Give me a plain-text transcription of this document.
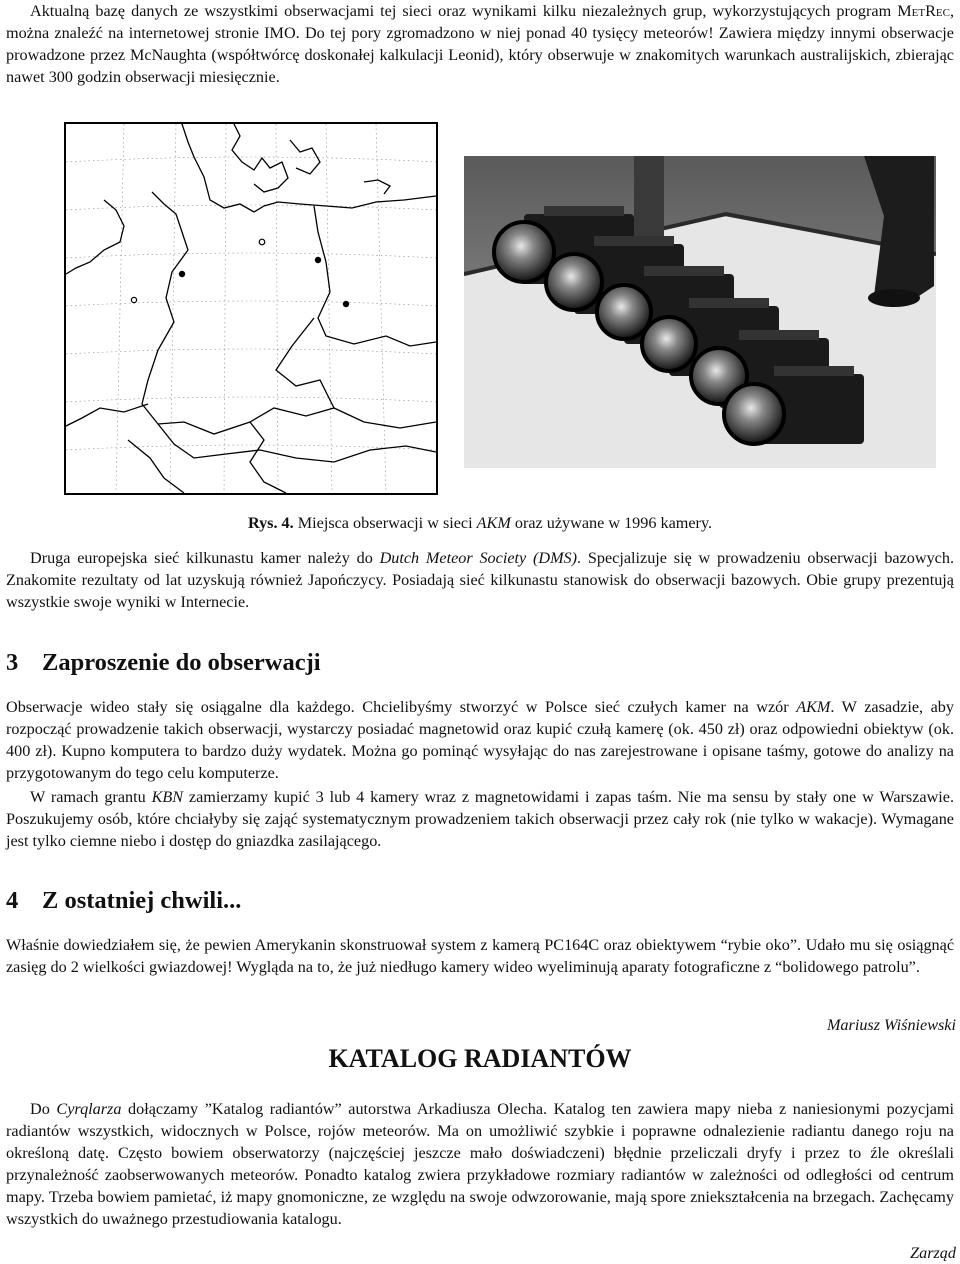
Aktualną bazę danych ze wszystkimi obserwacjami tej sieci oraz wynikami kilku niezależnych grup, wykorzystujących program MetRec, można znaleźć na internetowej stronie IMO. Do tej pory zgromadzono w niej ponad 40 tysięcy meteorów! Zawiera między innymi obserwacje prowadzone przez McNaughta (współtwórcę doskonałej kalkulacji Leonid), który obserwuje w znakomitych warunkach australijskich, zbierając nawet 300 godzin obserwacji miesięcznie.

Rys. 4. Miejsca obserwacji w sieci AKM oraz używane w 1996 kamery.

Druga europejska sieć kilkunastu kamer należy do Dutch Meteor Society (DMS). Specjalizuje się w prowadzeniu obserwacji bazowych. Znakomite rezultaty od lat uzyskują również Japończycy. Posiadają sieć kilkunastu stanowisk do obserwacji bazowych. Obie grupy prezentują wszystkie swoje wyniki w Internecie.

3 Zaproszenie do obserwacji

Obserwacje wideo stały się osiągalne dla każdego. Chcielibyśmy stworzyć w Polsce sieć czułych kamer na wzór AKM. W zasadzie, aby rozpocząć prowadzenie takich obserwacji, wystarczy posiadać magnetowid oraz kupić czułą kamerę (ok. 450 zł) oraz odpowiedni obiektyw (ok. 400 zł). Kupno komputera to bardzo duży wydatek. Można go pominąć wysyłając do nas zarejestrowane i opisane taśmy, gotowe do analizy na przygotowanym do tego celu komputerze.

W ramach grantu KBN zamierzamy kupić 3 lub 4 kamery wraz z magnetowidami i zapas taśm. Nie ma sensu by stały one w Warszawie. Poszukujemy osób, które chciałyby się zająć systematycznym prowadzeniem takich obserwacji przez cały rok (nie tylko w wakacje). Wymagane jest tylko ciemne niebo i dostęp do gniazdka zasilającego.

4 Z ostatniej chwili...

Właśnie dowiedziałem się, że pewien Amerykanin skonstruował system z kamerą PC164C oraz obiektywem “rybie oko”. Udało mu się osiągnąć zasięg do 2 wielkości gwiazdowej! Wygląda na to, że już niedługo kamery wideo wyeliminują aparaty fotograficzne z “bolidowego patrolu”.

Mariusz Wiśniewski

KATALOG RADIANTÓW

Do Cyrqlarza dołączamy ”Katalog radiantów” autorstwa Arkadiusza Olecha. Katalog ten zawiera mapy nieba z naniesionymi pozycjami radiantów wszystkich, widocznych w Polsce, rojów meteorów. Ma on umożliwić szybkie i poprawne odnalezienie radiantu danego roju na określoną datę. Często bowiem obserwatorzy (najczęściej jeszcze mało doświadczeni) błędnie przeliczali dryfy i przez to źle określali przynależność zaobserwowanych meteorów. Ponadto katalog zwiera przykładowe rozmiary radiantów w zależności od odległości od centrum mapy. Trzeba bowiem pamietać, iż mapy gnomoniczne, ze względu na swoje odwzorowanie, mają spore zniekształcenia na brzegach. Zachęcamy wszystkich do uważnego przestudiowania katalogu.

Zarząd
